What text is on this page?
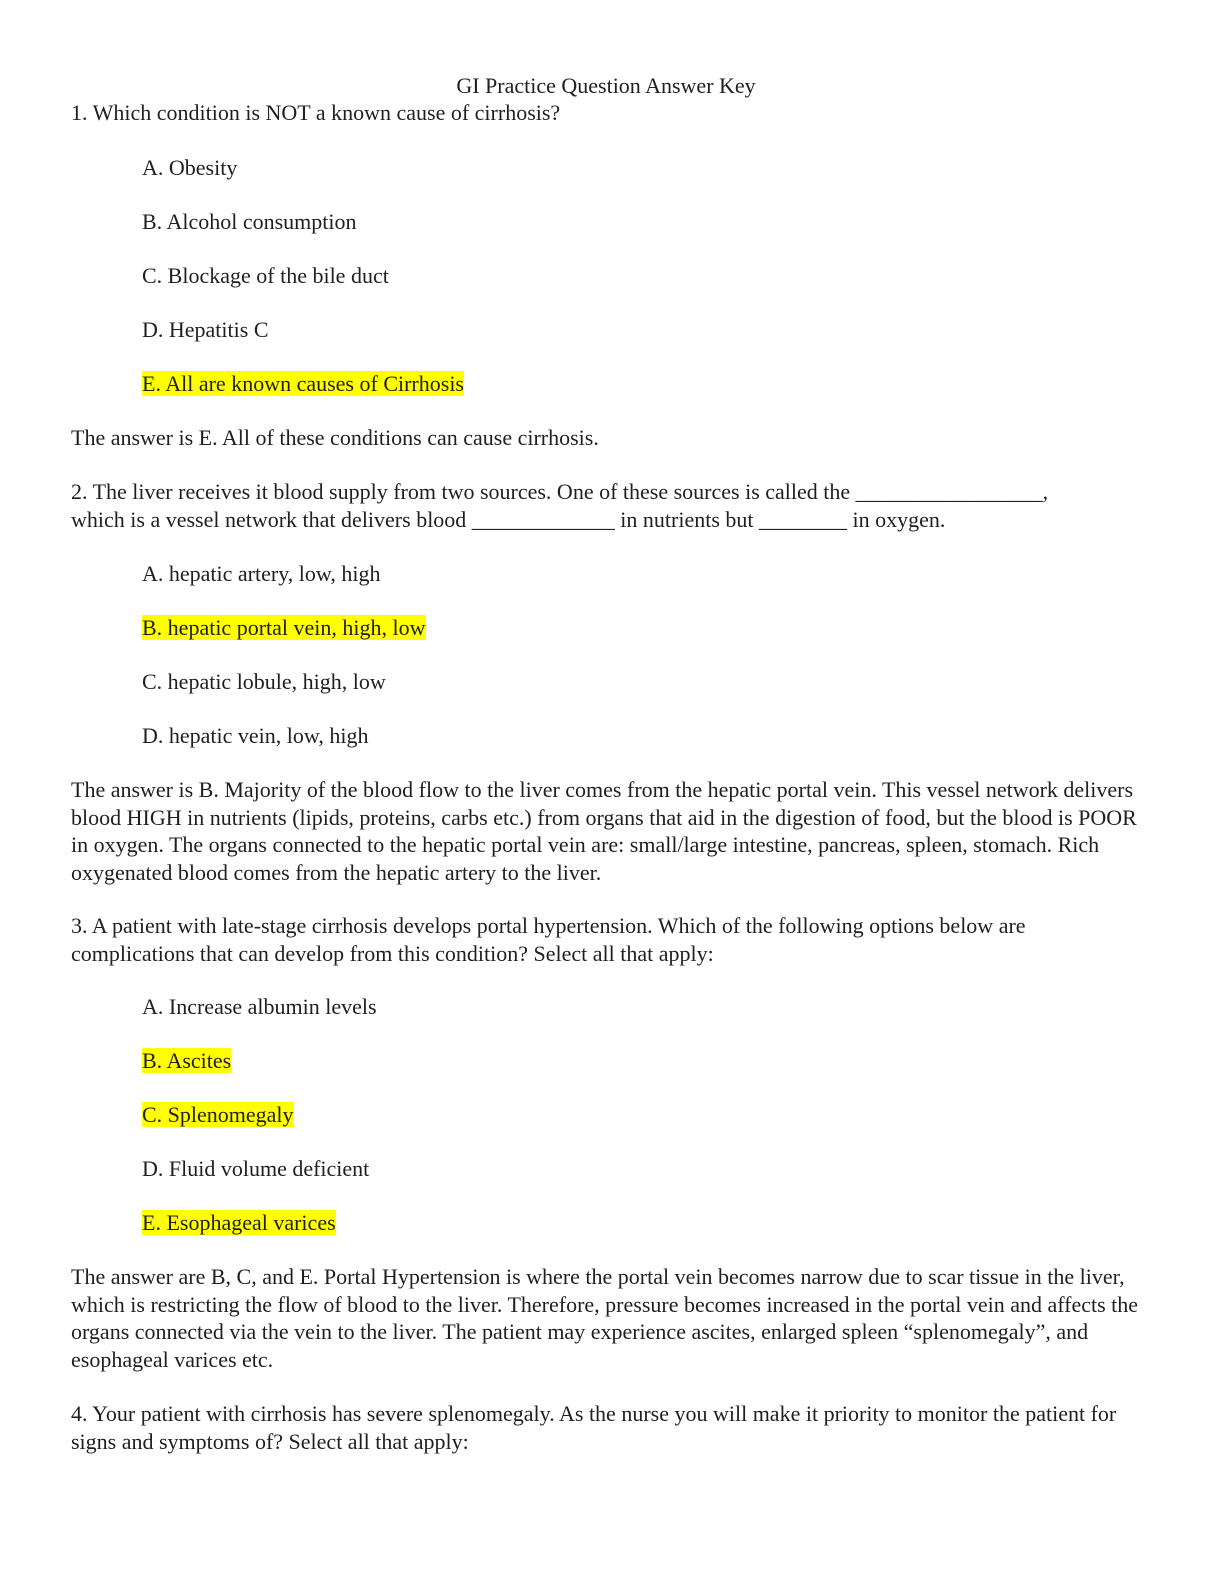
GI Practice Question Answer Key
1. Which condition is NOT a known cause of cirrhosis?
A. Obesity
B. Alcohol consumption
C. Blockage of the bile duct
D. Hepatitis C
E. All are known causes of Cirrhosis
The answer is E. All of these conditions can cause cirrhosis.
2. The liver receives it blood supply from two sources. One of these sources is called the _________________,
which is a vessel network that delivers blood _____________ in nutrients but ________ in oxygen.
A. hepatic artery, low, high
B. hepatic portal vein, high, low
C. hepatic lobule, high, low
D. hepatic vein, low, high
The answer is B. Majority of the blood flow to the liver comes from the hepatic portal vein. This vessel network delivers blood HIGH in nutrients (lipids, proteins, carbs etc.) from organs that aid in the digestion of food, but the blood is POOR in oxygen. The organs connected to the hepatic portal vein are: small/large intestine, pancreas, spleen, stomach. Rich oxygenated blood comes from the hepatic artery to the liver.
3. A patient with late-stage cirrhosis develops portal hypertension. Which of the following options below are complications that can develop from this condition? Select all that apply:
A. Increase albumin levels
B. Ascites
C. Splenomegaly
D. Fluid volume deficient
E. Esophageal varices
The answer are B, C, and E. Portal Hypertension is where the portal vein becomes narrow due to scar tissue in the liver, which is restricting the flow of blood to the liver. Therefore, pressure becomes increased in the portal vein and affects the organs connected via the vein to the liver. The patient may experience ascites, enlarged spleen “splenomegaly”, and esophageal varices etc.
4. Your patient with cirrhosis has severe splenomegaly. As the nurse you will make it priority to monitor the patient for signs and symptoms of? Select all that apply:
